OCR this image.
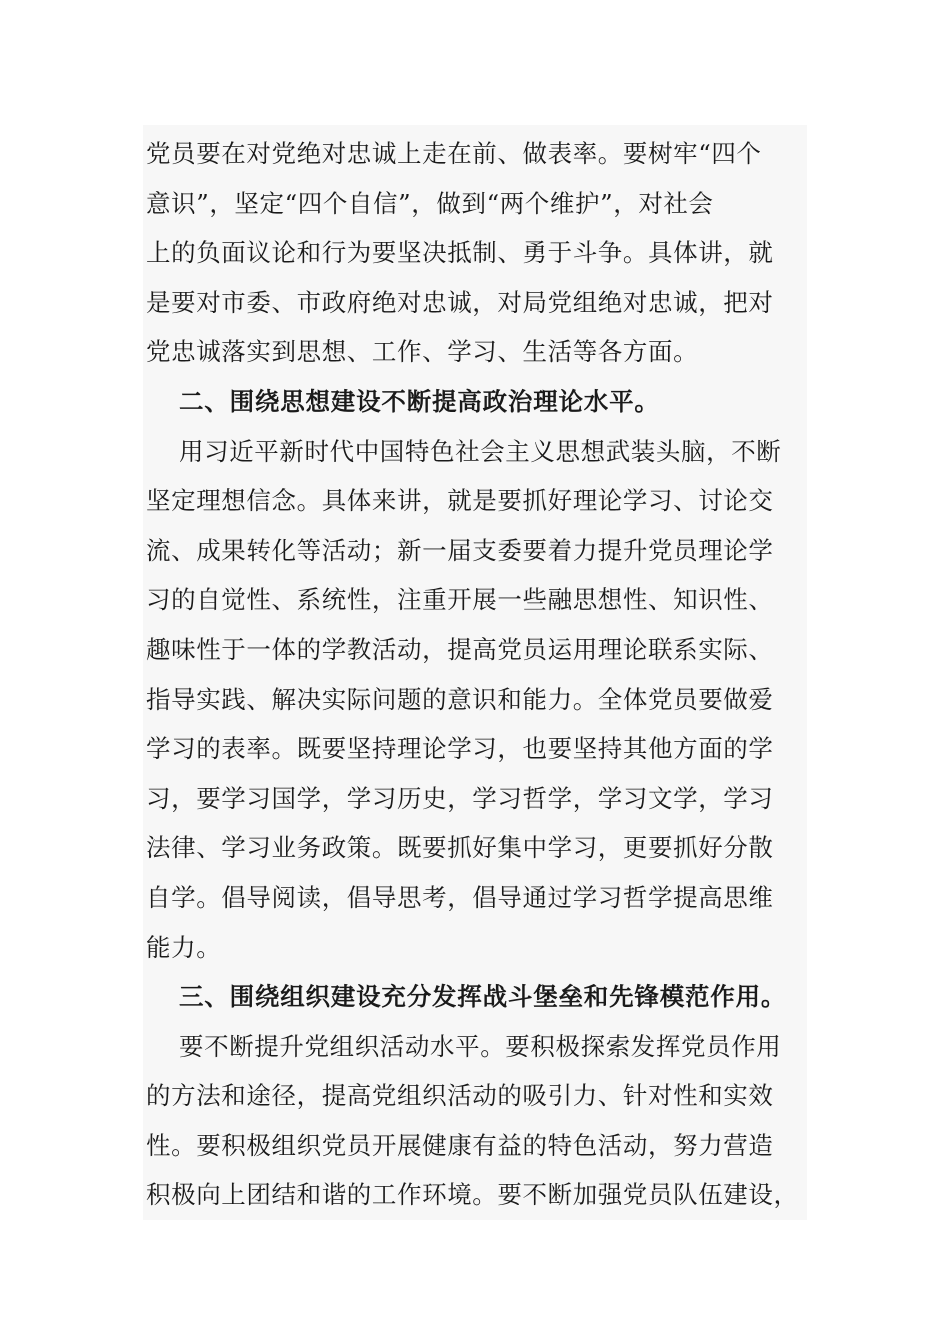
党员要在对党绝对忠诚上走在前、做表率。要树牢“四个
意识”，坚定“四个自信”，做到“两个维护”，对社会
上的负面议论和行为要坚决抵制、勇于斗争。具体讲，就
是要对市委、市政府绝对忠诚，对局党组绝对忠诚，把对
党忠诚落实到思想、工作、学习、生活等各方面。
二、围绕思想建设不断提高政治理论水平。
用习近平新时代中国特色社会主义思想武装头脑，不断
坚定理想信念。具体来讲，就是要抓好理论学习、讨论交
流、成果转化等活动；新一届支委要着力提升党员理论学
习的自觉性、系统性，注重开展一些融思想性、知识性、
趣味性于一体的学教活动，提高党员运用理论联系实际、
指导实践、解决实际问题的意识和能力。全体党员要做爱
学习的表率。既要坚持理论学习，也要坚持其他方面的学
习，要学习国学，学习历史，学习哲学，学习文学，学习
法律、学习业务政策。既要抓好集中学习，更要抓好分散
自学。倡导阅读，倡导思考，倡导通过学习哲学提高思维
能力。
三、围绕组织建设充分发挥战斗堡垒和先锋模范作用。
要不断提升党组织活动水平。要积极探索发挥党员作用
的方法和途径，提高党组织活动的吸引力、针对性和实效
性。要积极组织党员开展健康有益的特色活动，努力营造
积极向上团结和谐的工作环境。要不断加强党员队伍建设，
